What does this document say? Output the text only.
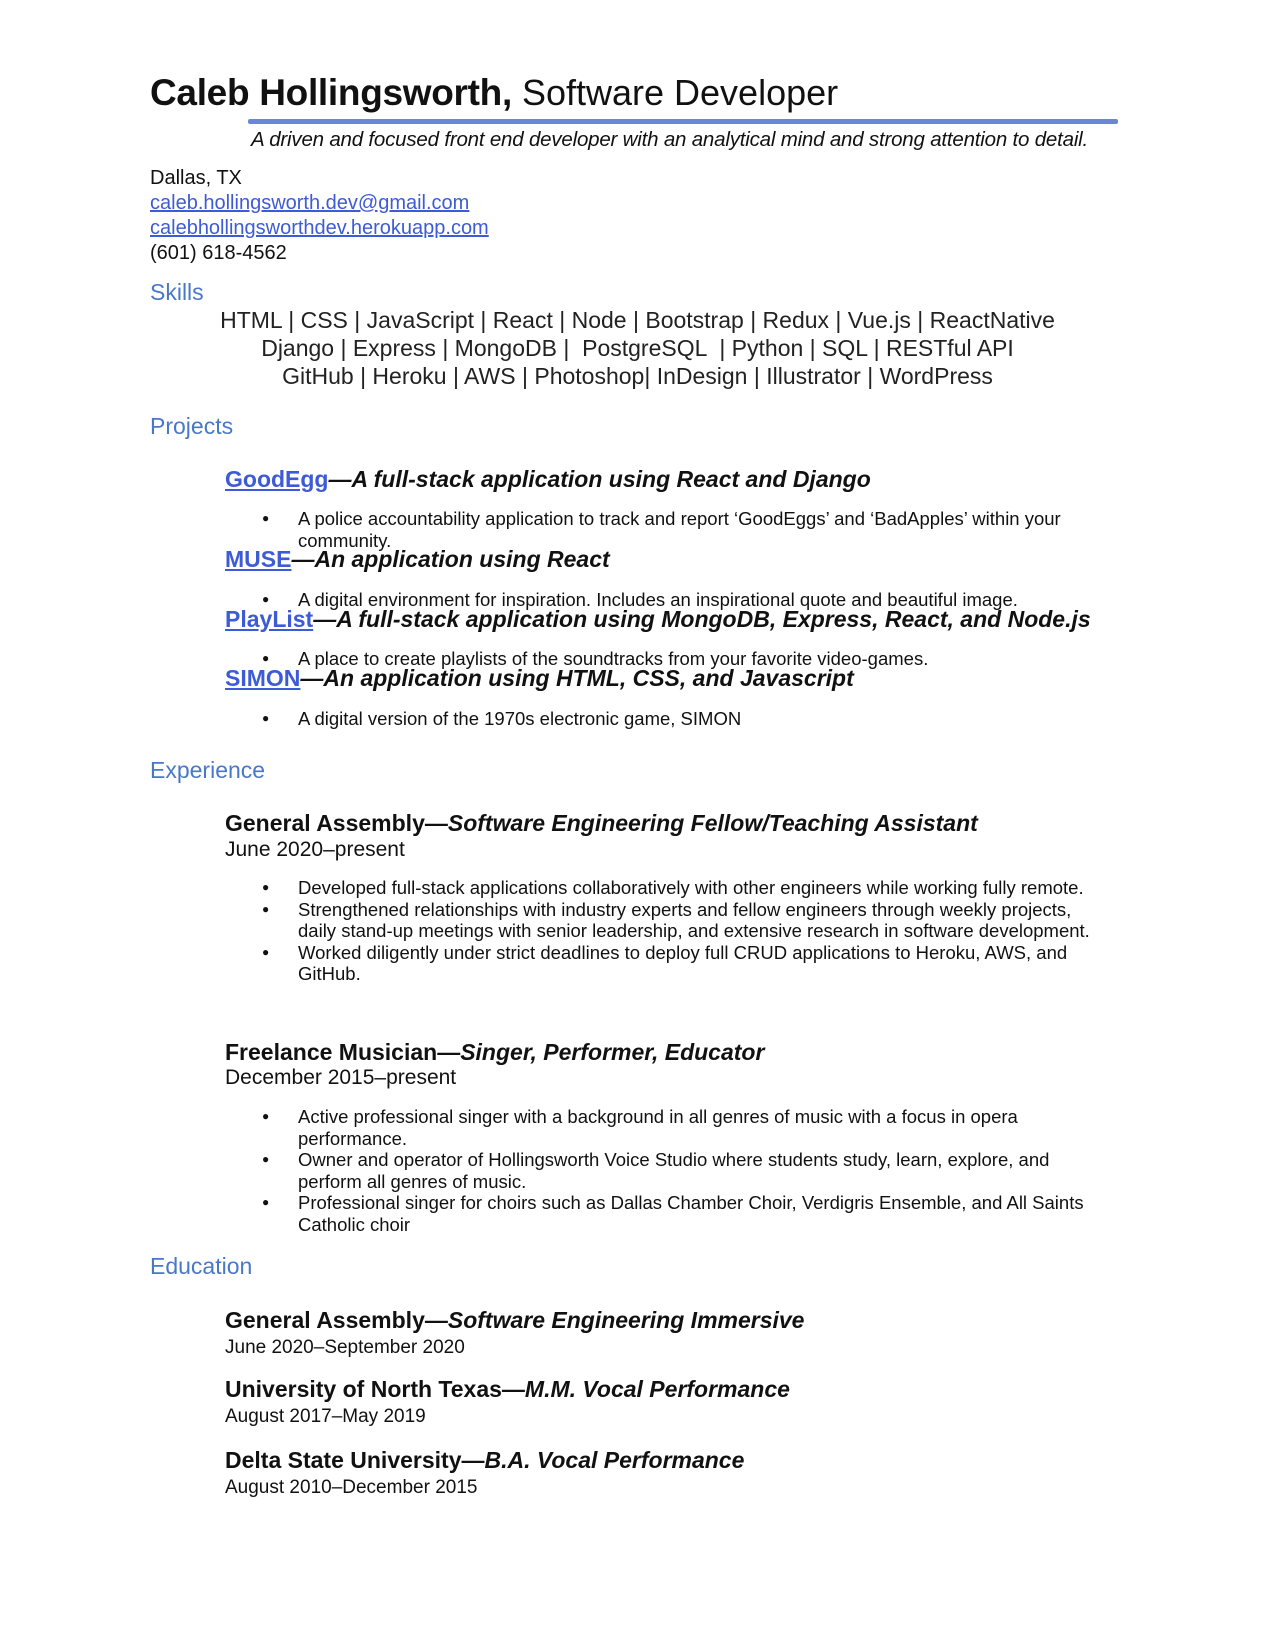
Caleb Hollingsworth, Software Developer
A driven and focused front end developer with an analytical mind and strong attention to detail.
Dallas, TX
caleb.hollingsworth.dev@gmail.com
calebhollingsworthdev.herokuapp.com
(601) 618-4562
Skills
HTML | CSS | JavaScript | React | Node | Bootstrap | Redux | Vue.js | ReactNative
Django | Express | MongoDB |  PostgreSQL  | Python | SQL | RESTful API
GitHub | Heroku | AWS | Photoshop| InDesign | Illustrator | WordPress
Projects
GoodEgg—A full-stack application using React and Django
● A police accountability application to track and report ‘GoodEggs’ and ‘BadApples’ within your community.
MUSE—An application using React
● A digital environment for inspiration. Includes an inspirational quote and beautiful image.
PlayList—A full-stack application using MongoDB, Express, React, and Node.js
● A place to create playlists of the soundtracks from your favorite video-games.
SIMON—An application using HTML, CSS, and Javascript
● A digital version of the 1970s electronic game, SIMON
Experience
General Assembly—Software Engineering Fellow/Teaching Assistant
June 2020–present
● Developed full-stack applications collaboratively with other engineers while working fully remote.
● Strengthened relationships with industry experts and fellow engineers through weekly projects, daily stand-up meetings with senior leadership, and extensive research in software development.
● Worked diligently under strict deadlines to deploy full CRUD applications to Heroku, AWS, and GitHub.
Freelance Musician—Singer, Performer, Educator
December 2015–present
● Active professional singer with a background in all genres of music with a focus in opera performance.
● Owner and operator of Hollingsworth Voice Studio where students study, learn, explore, and perform all genres of music.
● Professional singer for choirs such as Dallas Chamber Choir, Verdigris Ensemble, and All Saints Catholic choir
Education
General Assembly—Software Engineering Immersive
June 2020–September 2020
University of North Texas—M.M. Vocal Performance
August 2017–May 2019
Delta State University—B.A. Vocal Performance
August 2010–December 2015
